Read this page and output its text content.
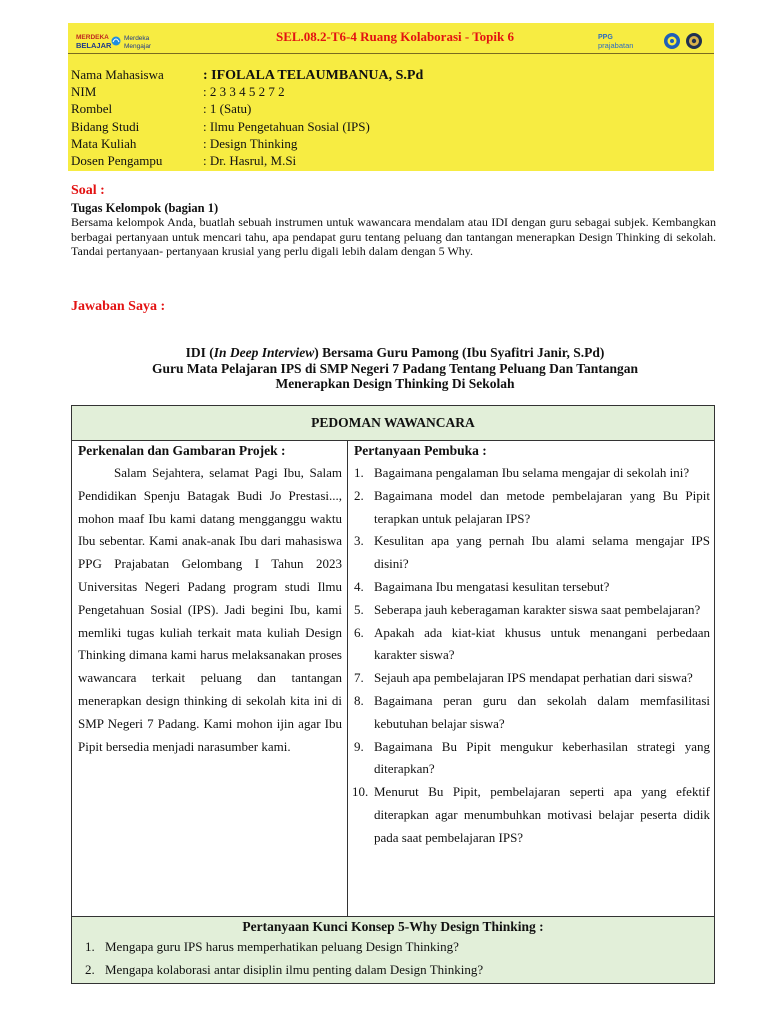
MERDEKA
BELAJAR
Merdeka
Mengajar
PPG
prajabatan
SEL.08.2-T6-4 Ruang Kolaborasi - Topik 6
Nama Mahasiswa	: IFOLALA TELAUMBANUA, S.Pd
NIM	: 2 3 3 4 5 2 7 2
Rombel	: 1 (Satu)
Bidang Studi	: Ilmu Pengetahuan Sosial (IPS)
Mata Kuliah	: Design Thinking
Dosen Pengampu	: Dr. Hasrul, M.Si
Soal :
Tugas Kelompok (bagian 1)
Bersama kelompok Anda, buatlah sebuah instrumen untuk wawancara mendalam atau IDI dengan guru sebagai subjek. Kembangkan berbagai pertanyaan untuk mencari tahu, apa pendapat guru tentang peluang dan tantangan menerapkan Design Thinking di sekolah. Tandai pertanyaan- pertanyaan krusial yang perlu digali lebih dalam dengan 5 Why.
Jawaban Saya :
IDI (In Deep Interview) Bersama Guru Pamong (Ibu Syafitri Janir, S.Pd)
Guru Mata Pelajaran IPS di SMP Negeri 7 Padang Tentang Peluang Dan Tantangan
Menerapkan Design Thinking Di Sekolah
PEDOMAN WAWANCARA
Perkenalan dan Gambaran Projek :
Salam Sejahtera, selamat Pagi Ibu, Salam Pendidikan Spenju Batagak Budi Jo Prestasi..., mohon maaf Ibu kami datang mengganggu waktu Ibu sebentar. Kami anak-anak Ibu dari mahasiswa PPG Prajabatan Gelombang I Tahun 2023 Universitas Negeri Padang program studi Ilmu Pengetahuan Sosial (IPS). Jadi begini Ibu, kami memliki tugas kuliah terkait mata kuliah Design Thinking dimana kami harus melaksanakan proses wawancara terkait peluang dan tantangan menerapkan design thinking di sekolah kita ini di SMP Negeri 7 Padang. Kami mohon ijin agar Ibu Pipit bersedia menjadi narasumber kami.
Pertanyaan Pembuka :
1. Bagaimana pengalaman Ibu selama mengajar di sekolah ini?
2. Bagaimana model dan metode pembelajaran yang Bu Pipit terapkan untuk pelajaran IPS?
3. Kesulitan apa yang pernah Ibu alami selama mengajar IPS disini?
4. Bagaimana Ibu mengatasi kesulitan tersebut?
5. Seberapa jauh keberagaman karakter siswa saat pembelajaran?
6. Apakah ada kiat-kiat khusus untuk menangani perbedaan karakter siswa?
7. Sejauh apa pembelajaran IPS mendapat perhatian dari siswa?
8. Bagaimana peran guru dan sekolah dalam memfasilitasi kebutuhan belajar siswa?
9. Bagaimana Bu Pipit mengukur keberhasilan strategi yang diterapkan?
10. Menurut Bu Pipit, pembelajaran seperti apa yang efektif diterapkan agar menumbuhkan motivasi belajar peserta didik pada saat pembelajaran IPS?
Pertanyaan Kunci Konsep 5-Why Design Thinking :
1. Mengapa guru IPS harus memperhatikan peluang Design Thinking?
2. Mengapa kolaborasi antar disiplin ilmu penting dalam Design Thinking?
